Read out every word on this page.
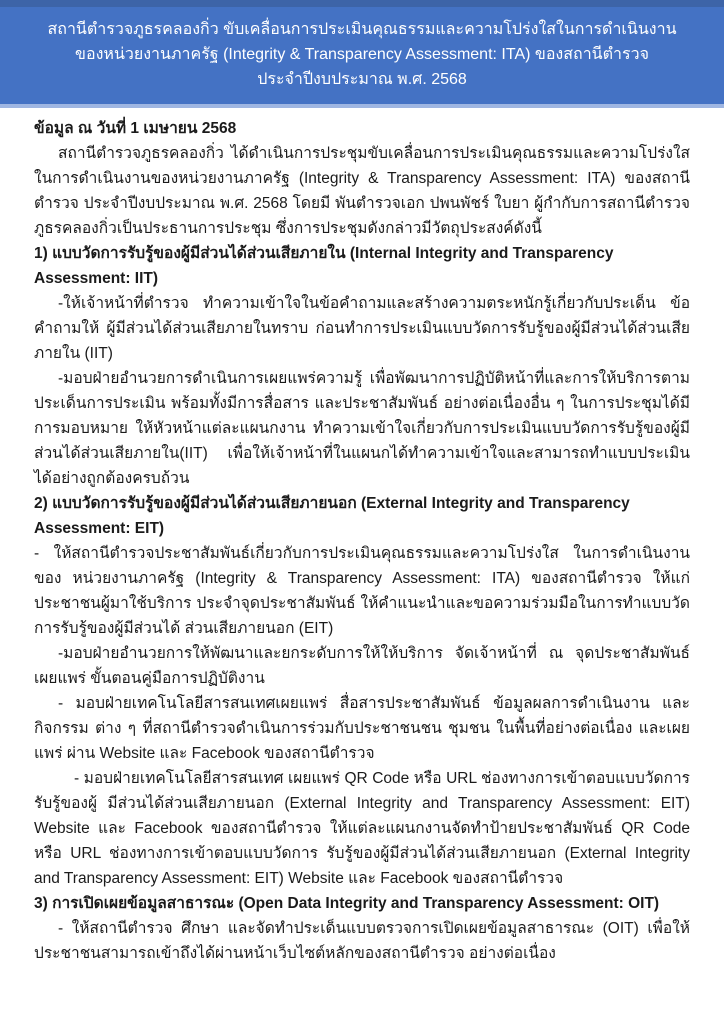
สถานีตำรวจภูธรคลองกิ่ว ขับเคลื่อนการประเมินคุณธรรมและความโปร่งใสในการดำเนินงาน
ของหน่วยงานภาครัฐ (Integrity & Transparency Assessment: ITA) ของสถานีตำรวจ
ประจำปีงบประมาณ พ.ศ. 2568

ข้อมูล ณ วันที่ 1 เมษายน 2568

สถานีตำรวจภูธรคลองกิ่ว ได้ดำเนินการประชุมขับเคลื่อนการประเมินคุณธรรมและความโปร่งใส ในการดำเนินงานของหน่วยงานภาครัฐ (Integrity & Transparency Assessment: ITA) ของสถานีตำรวจ ประจำปีงบประมาณ พ.ศ. 2568 โดยมี พันตำรวจเอก ปพนพัชร์ ใบยา ผู้กำกับการสถานีตำรวจภูธรคลองกิ่วเป็นประธานการประชุม ซึ่งการประชุมดังกล่าวมีวัตถุประสงค์ดังนี้

1) แบบวัดการรับรู้ของผู้มีส่วนได้ส่วนเสียภายใน (Internal Integrity and Transparency Assessment: IIT)

-ให้เจ้าหน้าที่ตำรวจ ทำความเข้าใจในข้อคำถามและสร้างความตระหนักรู้เกี่ยวกับประเด็น ข้อคำถามให้ ผู้มีส่วนได้ส่วนเสียภายในทราบ ก่อนทำการประเมินแบบวัดการรับรู้ของผู้มีส่วนได้ส่วนเสียภายใน (IIT)

-มอบฝ่ายอำนวยการดำเนินการเผยแพร่ความรู้ เพื่อพัฒนาการปฏิบัติหน้าที่และการให้บริการตาม ประเด็นการประเมิน พร้อมทั้งมีการสื่อสาร และประชาสัมพันธ์ อย่างต่อเนื่องอื่น ๆ ในการประชุมได้มีการมอบหมาย ให้หัวหน้าแต่ละแผนกงาน ทำความเข้าใจเกี่ยวกับการประเมินแบบวัดการรับรู้ของผู้มีส่วนได้ส่วนเสียภายใน(IIT) เพื่อให้เจ้าหน้าที่ในแผนกได้ทำความเข้าใจและสามารถทำแบบประเมินได้อย่างถูกต้องครบถ้วน

2) แบบวัดการรับรู้ของผู้มีส่วนได้ส่วนเสียภายนอก (External Integrity and Transparency Assessment: EIT)

- ให้สถานีตำรวจประชาสัมพันธ์เกี่ยวกับการประเมินคุณธรรมและความโปร่งใส ในการดำเนินงานของ หน่วยงานภาครัฐ (Integrity & Transparency Assessment: ITA) ของสถานีตำรวจ ให้แก่ประชาชนผู้มาใช้บริการ ประจำจุดประชาสัมพันธ์ ให้คำแนะนำและขอความร่วมมือในการทำแบบวัดการรับรู้ของผู้มีส่วนได้ ส่วนเสียภายนอก (EIT)

-มอบฝ่ายอำนวยการให้พัฒนาและยกระดับการให้ให้บริการ จัดเจ้าหน้าที่ ณ จุดประชาสัมพันธ์ เผยแพร่ ขั้นตอนคู่มือการปฏิบัติงาน

- มอบฝ่ายเทคโนโลยีสารสนเทศเผยแพร่ สื่อสารประชาสัมพันธ์ ข้อมูลผลการดำเนินงาน และ กิจกรรม ต่าง ๆ ที่สถานีตำรวจดำเนินการร่วมกับประชาชนชน ชุมชน ในพื้นที่อย่างต่อเนื่อง และเผยแพร่ ผ่าน Website และ Facebook ของสถานีตำรวจ

- มอบฝ่ายเทคโนโลยีสารสนเทศ เผยแพร่ QR Code หรือ URL ช่องทางการเข้าตอบแบบวัดการรับรู้ของผู้ มีส่วนได้ส่วนเสียภายนอก (External Integrity and Transparency Assessment: EIT) Website และ Facebook ของสถานีตำรวจ ให้แต่ละแผนกงานจัดทำป้ายประชาสัมพันธ์ QR Code หรือ URL ช่องทางการเข้าตอบแบบวัดการ รับรู้ของผู้มีส่วนได้ส่วนเสียภายนอก (External Integrity and Transparency Assessment: EIT) Website และ Facebook ของสถานีตำรวจ

3) การเปิดเผยข้อมูลสาธารณะ (Open Data Integrity and Transparency Assessment: OIT)

- ให้สถานีตำรวจ ศึกษา และจัดทำประเด็นแบบตรวจการเปิดเผยข้อมูลสาธารณะ (OIT) เพื่อให้ ประชาชนสามารถเข้าถึงได้ผ่านหน้าเว็บไซต์หลักของสถานีตำรวจ อย่างต่อเนื่อง
